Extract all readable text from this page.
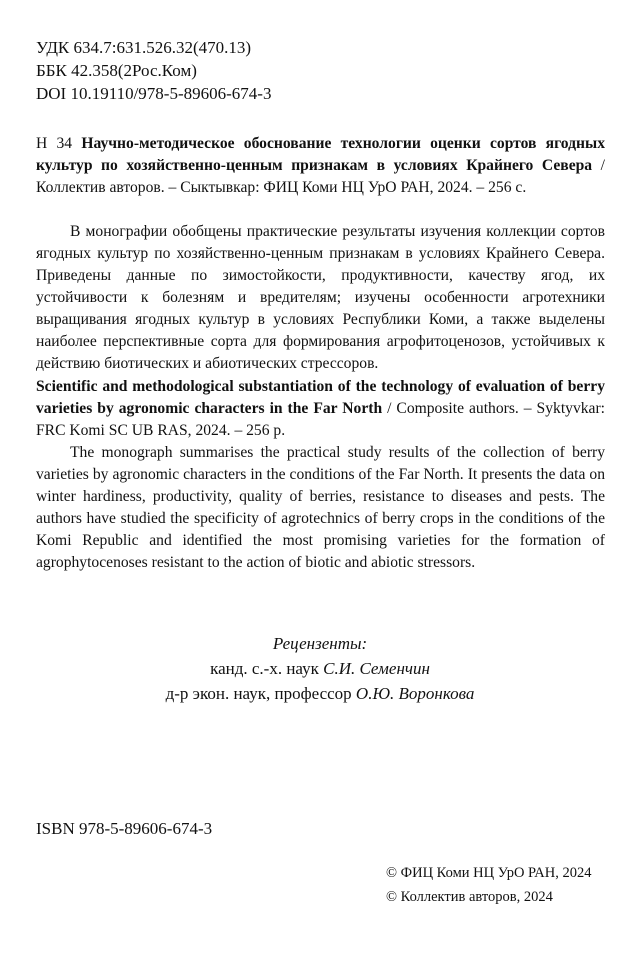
УДК 634.7:631.526.32(470.13)
ББК 42.358(2Рос.Ком)
DOI 10.19110/978-5-89606-674-3
Н 34 Научно-методическое обоснование технологии оценки сортов ягодных культур по хозяйственно-ценным признакам в условиях Крайнего Севера / Коллектив авторов. – Сыктывкар: ФИЦ Коми НЦ УрО РАН, 2024. – 256 с.
В монографии обобщены практические результаты изучения коллекции сортов ягодных культур по хозяйственно-ценным признакам в условиях Крайнего Севера. Приведены данные по зимостойкости, продуктивности, качеству ягод, их устойчивости к болезням и вредителям; изучены особенности агротехники выращивания ягодных культур в условиях Республики Коми, а также выделены наиболее перспективные сорта для формирования агрофитоценозов, устойчивых к действию биотических и абиотических стрессоров.
Scientific and methodological substantiation of the technology of evaluation of berry varieties by agronomic characters in the Far North / Composite authors. – Syktyvkar: FRC Komi SC UB RAS, 2024. – 256 p.
The monograph summarises the practical study results of the collection of berry varieties by agronomic characters in the conditions of the Far North. It presents the data on winter hardiness, productivity, quality of berries, resistance to diseases and pests. The authors have studied the specificity of agrotechnics of berry crops in the conditions of the Komi Republic and identified the most promising varieties for the formation of agrophytocenoses resistant to the action of biotic and abiotic stressors.
Рецензенты:
канд. с.-х. наук С.И. Семенчин
д-р экон. наук, профессор О.Ю. Воронкова
ISBN 978-5-89606-674-3
© ФИЦ Коми НЦ УрО РАН, 2024
© Коллектив авторов, 2024
